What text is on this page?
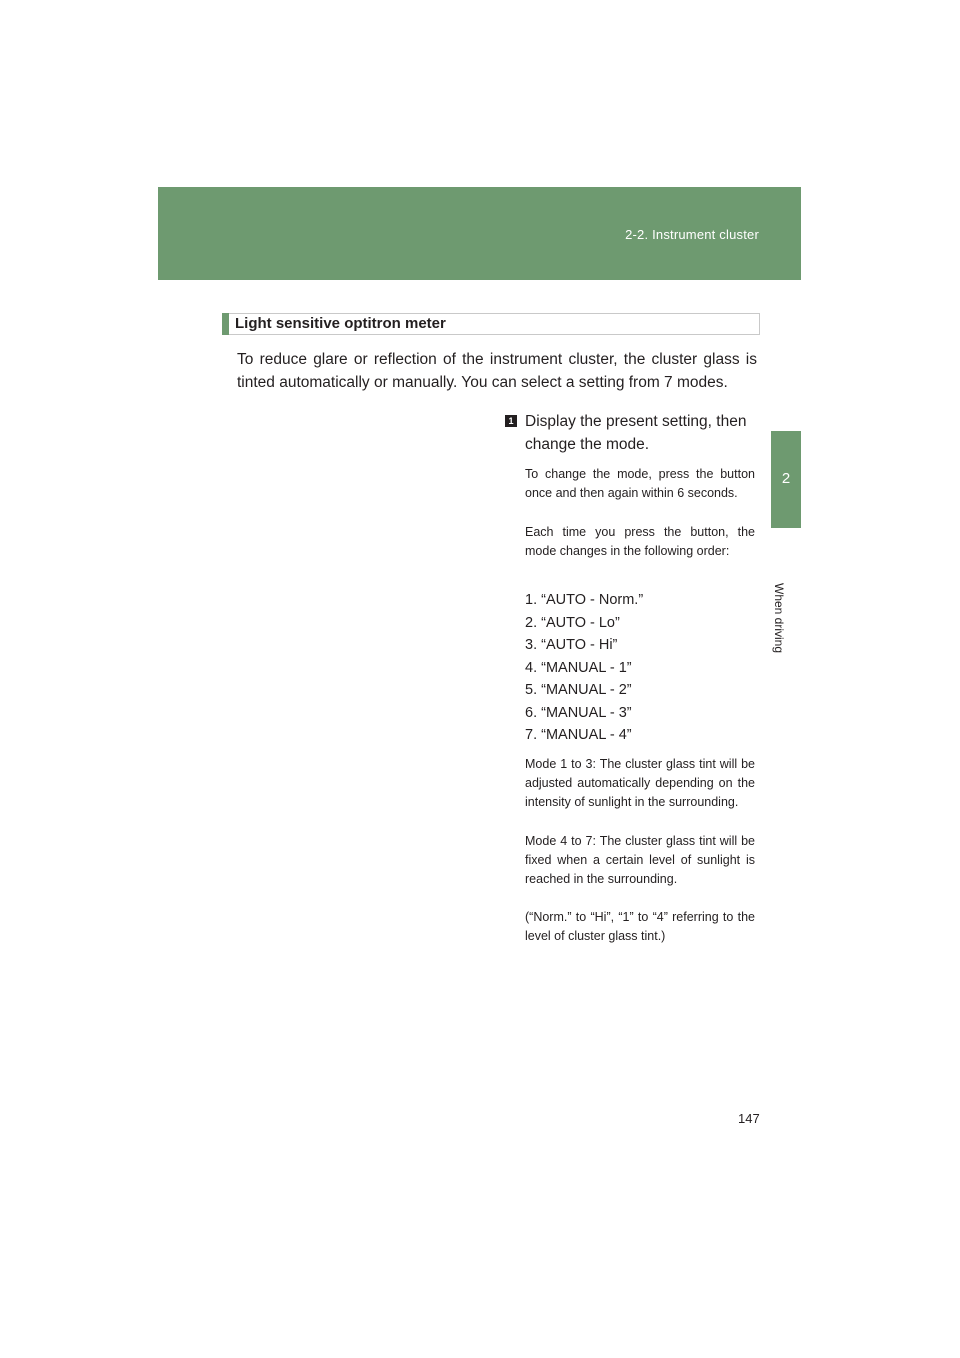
2-2. Instrument cluster
2
When driving
Light sensitive optitron meter
To reduce glare or reflection of the instrument cluster, the cluster glass is tinted automatically or manually. You can select a setting from 7 modes.
1 Display the present setting, then change the mode.
To change the mode, press the button once and then again within 6 seconds.
Each time you press the button, the mode changes in the following order:
1. “AUTO - Norm.”
2. “AUTO - Lo”
3. “AUTO - Hi”
4. “MANUAL - 1”
5. “MANUAL - 2”
6. “MANUAL - 3”
7. “MANUAL - 4”
Mode 1 to 3: The cluster glass tint will be adjusted automatically depending on the intensity of sunlight in the surrounding.
Mode 4 to 7: The cluster glass tint will be fixed when a certain level of sunlight is reached in the surrounding.
(“Norm.” to “Hi”, “1” to “4” referring to the level of cluster glass tint.)
147
